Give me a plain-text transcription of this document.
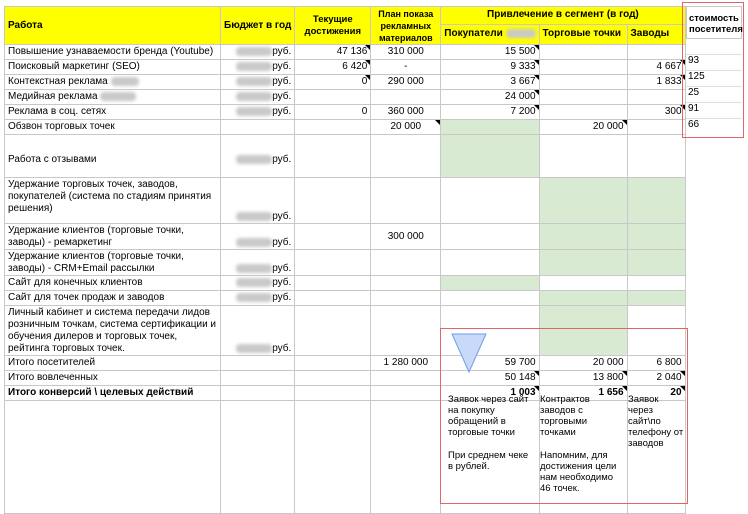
Работа	Бюджет в год	Текущие достижения	План показа рекламных материалов	Привлечение в сегмент (в год)		
				Покупатели	Торговые точки	Заводы
Повышение узнаваемости бренда (Youtube)	руб.	47 136	310 000	15 500

Поисковый маркетинг (SEO)	руб.	6 420	-	9 333		4 667

Контекстная реклама	руб.	0	290 000	3 667		1 833

Медийная реклама	руб.			24 000

Реклама в соц. сетях	руб.	0	360 000	7 200		300

Обзвон торговых точек			20 000		20 000

Работа с отзывами	руб.					
Удержание торговых точек, заводов, покупателей (система по стадиям принятия решения)	руб.					
Удержание клиентов (торговые точки, заводы) - ремаркетинг	руб.		300 000			
Удержание клиентов (торговые точки, заводы) - CRM+Email рассылки	руб.					
Сайт для конечных клиентов	руб.					
Сайт для точек продаж и заводов	руб.					
Личный кабинет и система передачи лидов розничным точкам, система сертификации и обучения дилеров и торговых точек, рейтинга торговых точек.	руб.					
Итого посетителей			1 280 000	59 700	20 000	6 800
Итого вовлеченных				50 148	13 800	2 040

Итого конверсий \ целевых действий				1 003	1 656	20

стоимость посетителя
93
125
25
91
66
Заявок через сайт на покупку обращений в торговые точки
При среднем чеке в рублей.
Контрактов заводов с торговыми точками
Напомним, для достижения цели нам необходимо 46 точек.
Заявок через сайт\по телефону от заводов
